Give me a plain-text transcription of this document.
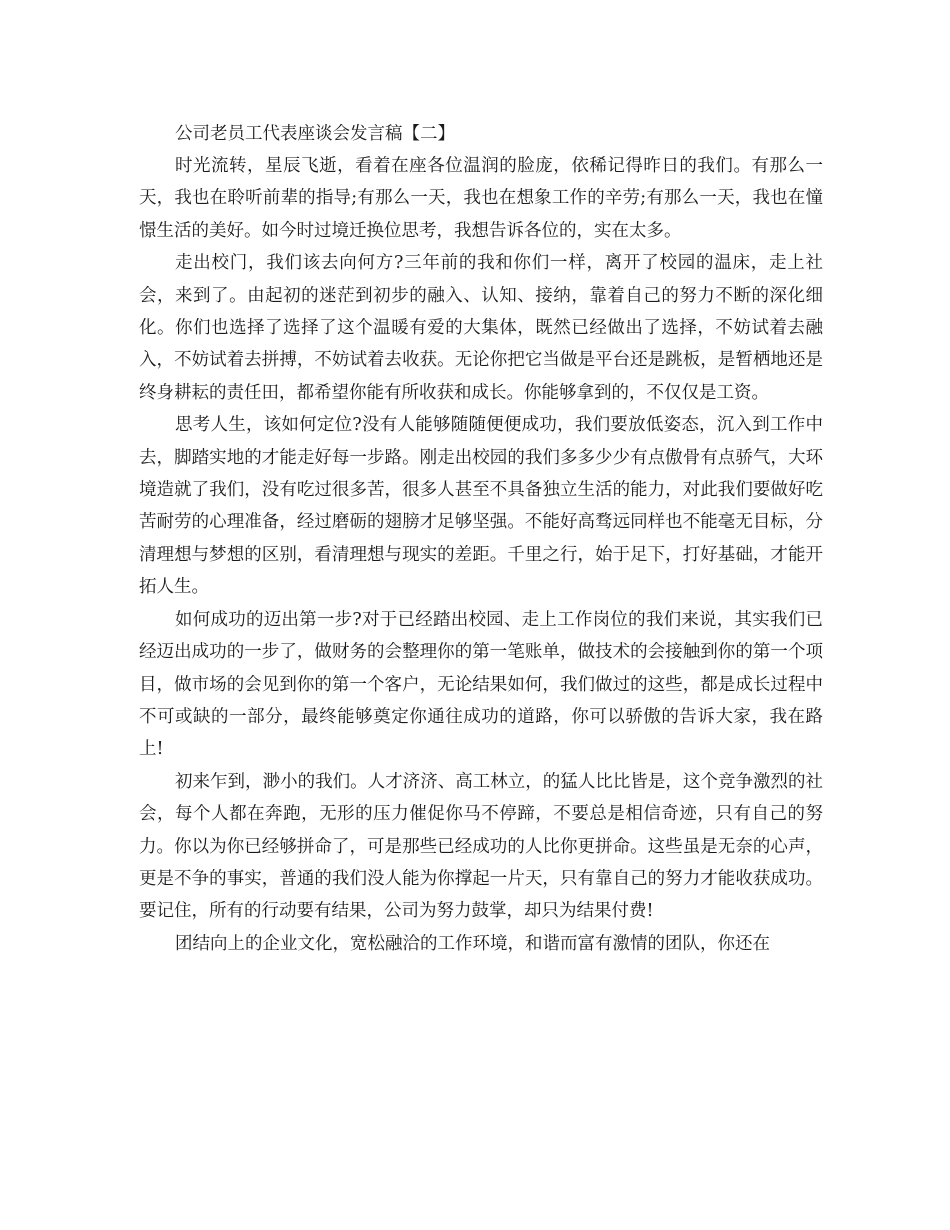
公司老员工代表座谈会发言稿【二】

时光流转，星辰飞逝，看着在座各位温润的脸庞，依稀记得昨日的我们。有那么一天，我也在聆听前辈的指导;有那么一天，我也在想象工作的辛劳;有那么一天，我也在憧憬生活的美好。如今时过境迁换位思考，我想告诉各位的，实在太多。

走出校门，我们该去向何方?三年前的我和你们一样，离开了校园的温床，走上社会，来到了。由起初的迷茫到初步的融入、认知、接纳，靠着自己的努力不断的深化细化。你们也选择了选择了这个温暖有爱的大集体，既然已经做出了选择，不妨试着去融入，不妨试着去拼搏，不妨试着去收获。无论你把它当做是平台还是跳板，是暂栖地还是终身耕耘的责任田，都希望你能有所收获和成长。你能够拿到的，不仅仅是工资。

思考人生，该如何定位?没有人能够随随便便成功，我们要放低姿态，沉入到工作中去，脚踏实地的才能走好每一步路。刚走出校园的我们多多少少有点傲骨有点骄气，大环境造就了我们，没有吃过很多苦，很多人甚至不具备独立生活的能力，对此我们要做好吃苦耐劳的心理准备，经过磨砺的翅膀才足够坚强。不能好高骛远同样也不能毫无目标，分清理想与梦想的区别，看清理想与现实的差距。千里之行，始于足下，打好基础，才能开拓人生。

如何成功的迈出第一步?对于已经踏出校园、走上工作岗位的我们来说，其实我们已经迈出成功的一步了，做财务的会整理你的第一笔账单，做技术的会接触到你的第一个项目，做市场的会见到你的第一个客户，无论结果如何，我们做过的这些，都是成长过程中不可或缺的一部分，最终能够奠定你通往成功的道路，你可以骄傲的告诉大家，我在路上!

初来乍到，渺小的我们。人才济济、高工林立，的猛人比比皆是，这个竞争激烈的社会，每个人都在奔跑，无形的压力催促你马不停蹄，不要总是相信奇迹，只有自己的努力。你以为你已经够拼命了，可是那些已经成功的人比你更拼命。这些虽是无奈的心声，更是不争的事实，普通的我们没人能为你撑起一片天，只有靠自己的努力才能收获成功。要记住，所有的行动要有结果，公司为努力鼓掌，却只为结果付费!

团结向上的企业文化，宽松融洽的工作环境，和谐而富有激情的团队，你还在
